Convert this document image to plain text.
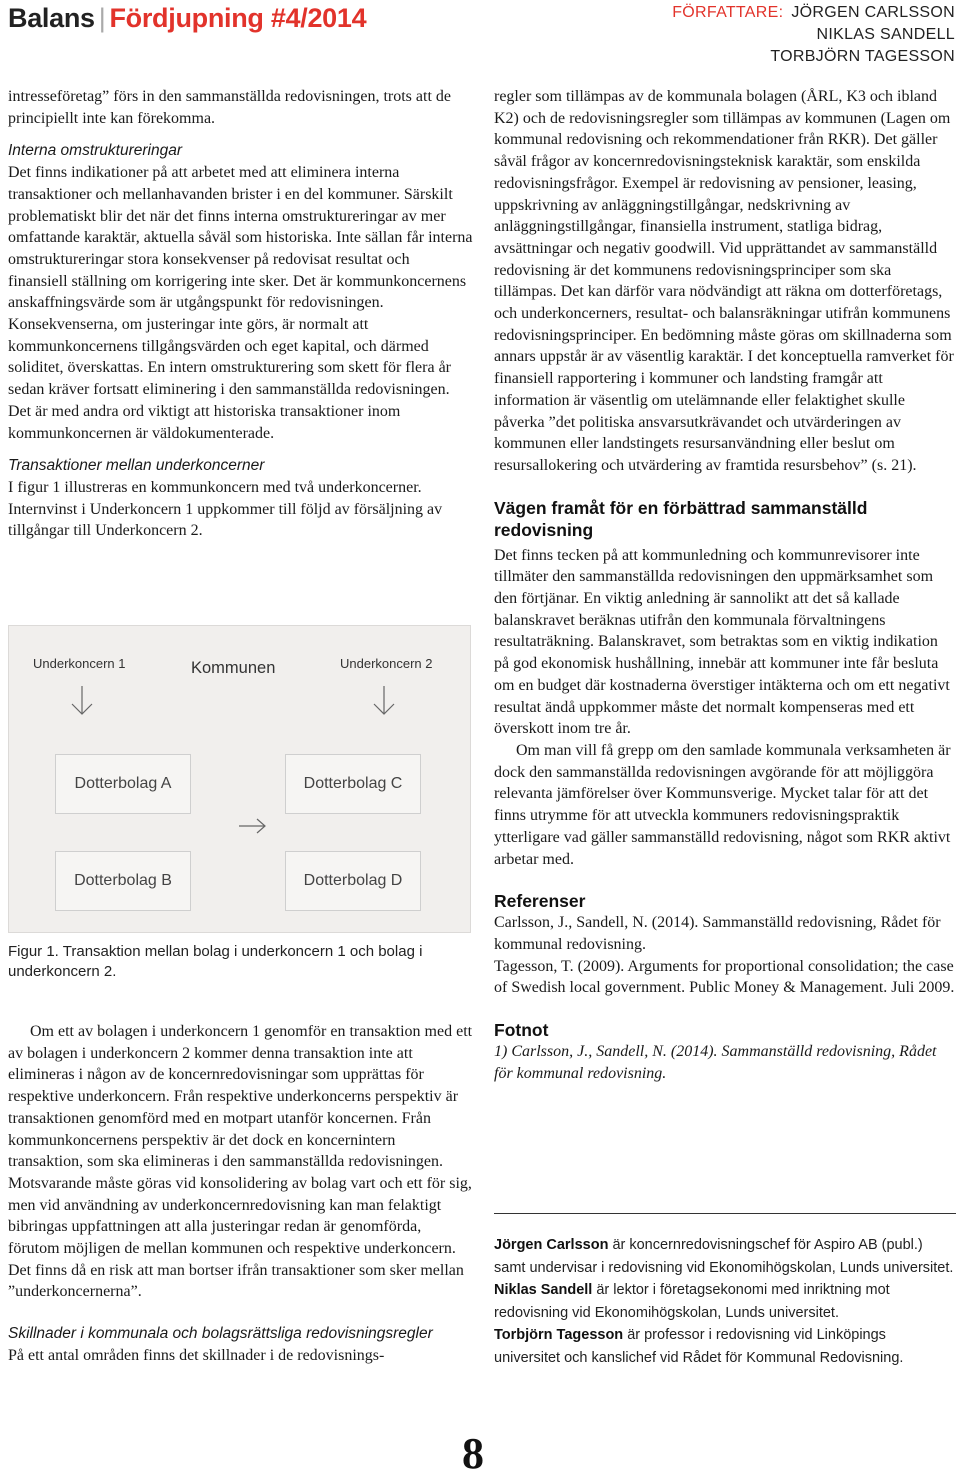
Balans | Fördjupning #4/2014	FÖRFATTARE: JÖRGEN CARLSSON
NIKLAS SANDELL
TORBJÖRN TAGESSON

intresseföretag” förs in den sammanställda redovisningen, trots att de principiellt inte kan förekomma.

Interna omstruktureringar

Det finns indikationer på att arbetet med att eliminera interna transaktioner och mellanhavanden brister i en del kommuner. Särskilt problematiskt blir det när det finns interna omstruktureringar av mer omfattande karaktär, aktuella såväl som historiska. Inte sällan får interna omstruktureringar stora konsekvenser på redovisat resultat och finansiell ställning om korrigering inte sker. Det är kommunkoncernens anskaffningsvärde som är utgångspunkt för redovisningen. Konsekvenserna, om justeringar inte görs, är normalt att kommunkoncernens tillgångsvärden och eget kapital, och därmed soliditet, överskattas. En intern omstrukturering som skett för flera år sedan kräver fortsatt eliminering i den sammanställda redovisningen. Det är med andra ord viktigt att historiska transaktioner inom kommunkoncernen är väldokumenterade.

Transaktioner mellan underkoncerner

I figur 1 illustreras en kommunkoncern med två underkoncerner. Internvinst i Underkoncern 1 uppkommer till följd av försäljning av tillgångar till Underkoncern 2.

Underkoncern 1	Kommunen	Underkoncern 2
Dotterbolag A	Dotterbolag C
Dotterbolag B	Dotterbolag D
Figur 1. Transaktion mellan bolag i underkoncern 1 och bolag i underkoncern 2.

Om ett av bolagen i underkoncern 1 genomför en transaktion med ett av bolagen i underkoncern 2 kommer denna transaktion inte att elimineras i någon av de koncernredovisningar som upprättas för respektive underkoncern. Från respektive underkoncerns perspektiv är transaktionen genomförd med en motpart utanför koncernen. Från kommunkoncernens perspektiv är det dock en koncernintern transaktion, som ska elimineras i den sammanställda redovisningen. Motsvarande måste göras vid konsolidering av bolag vart och ett för sig, men vid användning av underkoncernredovisning kan man felaktigt bibringas uppfattningen att alla justeringar redan är genomförda, förutom möjligen de mellan kommunen och respektive underkoncern. Det finns då en risk att man bortser ifrån transaktioner som sker mellan ”underkoncernerna”.

Skillnader i kommunala och bolagsrättsliga redovisningsregler

På ett antal områden finns det skillnader i de redovisnings-

regler som tillämpas av de kommunala bolagen (ÅRL, K3 och ibland K2) och de redovisningsregler som tillämpas av kommunen (Lagen om kommunal redovisning och rekommendationer från RKR). Det gäller såväl frågor av koncernredovisningsteknisk karaktär, som enskilda redovisningsfrågor. Exempel är redovisning av pensioner, leasing, uppskrivning av anläggningstillgångar, nedskrivning av anläggningstillgångar, finansiella instrument, statliga bidrag, avsättningar och negativ goodwill. Vid upprättandet av sammanställd redovisning är det kommunens redovisningsprinciper som ska tillämpas. Det kan därför vara nödvändigt att räkna om dotterföretags, och underkoncerners, resultat- och balansräkningar utifrån kommunens redovisningsprinciper. En bedömning måste göras om skillnaderna som annars uppstår är av väsentlig karaktär. I det konceptuella ramverket för finansiell rapportering i kommuner och landsting framgår att information är väsentlig om utelämnande eller felaktighet skulle påverka ”det politiska ansvarsutkrävandet och utvärderingen av kommunen eller landstingets resursanvändning eller beslut om resursallokering och utvärdering av framtida resursbehov” (s. 21).

Vägen framåt för en förbättrad sammanställd redovisning

Det finns tecken på att kommunledning och kommunrevisorer inte tillmäter den sammanställda redovisningen den uppmärksamhet som den förtjänar. En viktig anledning är sannolikt att det så kallade balanskravet beräknas utifrån den kommunala förvaltningens resultaträkning. Balanskravet, som betraktas som en viktig indikation på god ekonomisk hushållning, innebär att kommuner inte får besluta om en budget där kostnaderna överstiger intäkterna och om ett negativt resultat ändå uppkommer måste det normalt kompenseras med ett överskott inom tre år.

Om man vill få grepp om den samlade kommunala verksamheten är dock den sammanställda redovisningen avgörande för att möjliggöra relevanta jämförelser över Kommunsverige. Mycket talar för att det finns utrymme för att utveckla kommuners redovisningspraktik ytterligare vad gäller sammanställd redovisning, något som RKR aktivt arbetar med.

Referenser

Carlsson, J., Sandell, N. (2014). Sammanställd redovisning, Rådet för kommunal redovisning.

Tagesson, T. (2009). Arguments for proportional consolidation; the case of Swedish local government. Public Money & Management. Juli 2009.

Fotnot

1) Carlsson, J., Sandell, N. (2014). Sammanställd redovisning, Rådet för kommunal redovisning.

Jörgen Carlsson är koncernredovisningschef för Aspiro AB (publ.) samt undervisar i redovisning vid Ekonomihögskolan, Lunds universitet.

Niklas Sandell är lektor i företagsekonomi med inriktning mot redovisning vid Ekonomihögskolan, Lunds universitet.

Torbjörn Tagesson är professor i redovisning vid Linköpings universitet och kanslichef vid Rådet för Kommunal Redovisning.

8
